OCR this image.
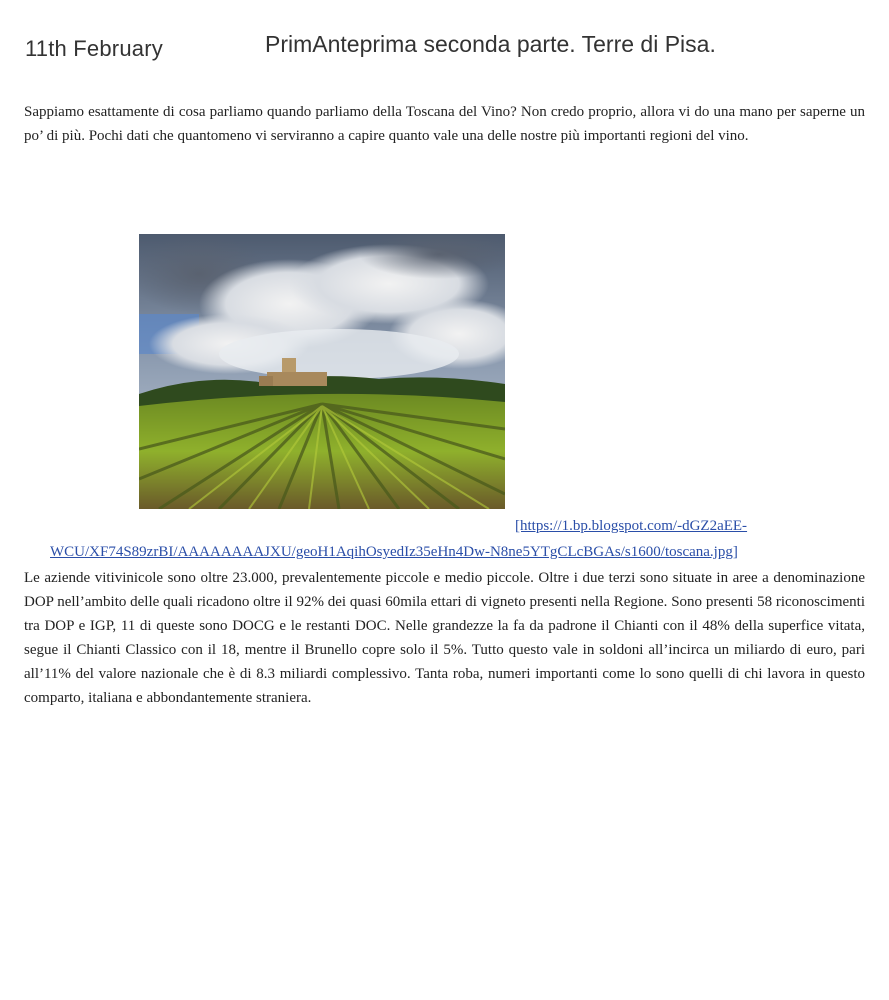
11th February	PrimAnteprima seconda parte. Terre di Pisa.

Sappiamo esattamente di cosa parliamo quando parliamo della Toscana del Vino? Non credo proprio, allora vi do una mano per saperne un po’ di più. Pochi dati che quantomeno vi serviranno a capire quanto vale una delle nostre più importanti regioni del vino.

[https://1.bp.blogspot.com/-dGZ2aEE-
WCU/XF74S89zrBI/AAAAAAAAJXU/geoH1AqihOsyedIz35eHn4Dw-N8ne5YTgCLcBGAs/s1600/toscana.jpg]

Le aziende vitivinicole sono oltre 23.000, prevalentemente piccole e medio piccole. Oltre i due terzi sono situate in aree a denominazione DOP nell’ambito delle quali ricadono oltre il 92% dei quasi 60mila ettari di vigneto presenti nella Regione. Sono presenti 58 riconoscimenti tra DOP e IGP, 11 di queste sono DOCG e le restanti DOC. Nelle grandezze la fa da padrone il Chianti con il 48% della superfice vitata, segue il Chianti Classico con il 18, mentre il Brunello copre solo il 5%. Tutto questo vale in soldoni all’incirca un miliardo di euro, pari all’11% del valore nazionale che è di 8.3 miliardi complessivo. Tanta roba, numeri importanti come lo sono quelli di chi lavora in questo comparto, italiana e abbondantemente straniera.
